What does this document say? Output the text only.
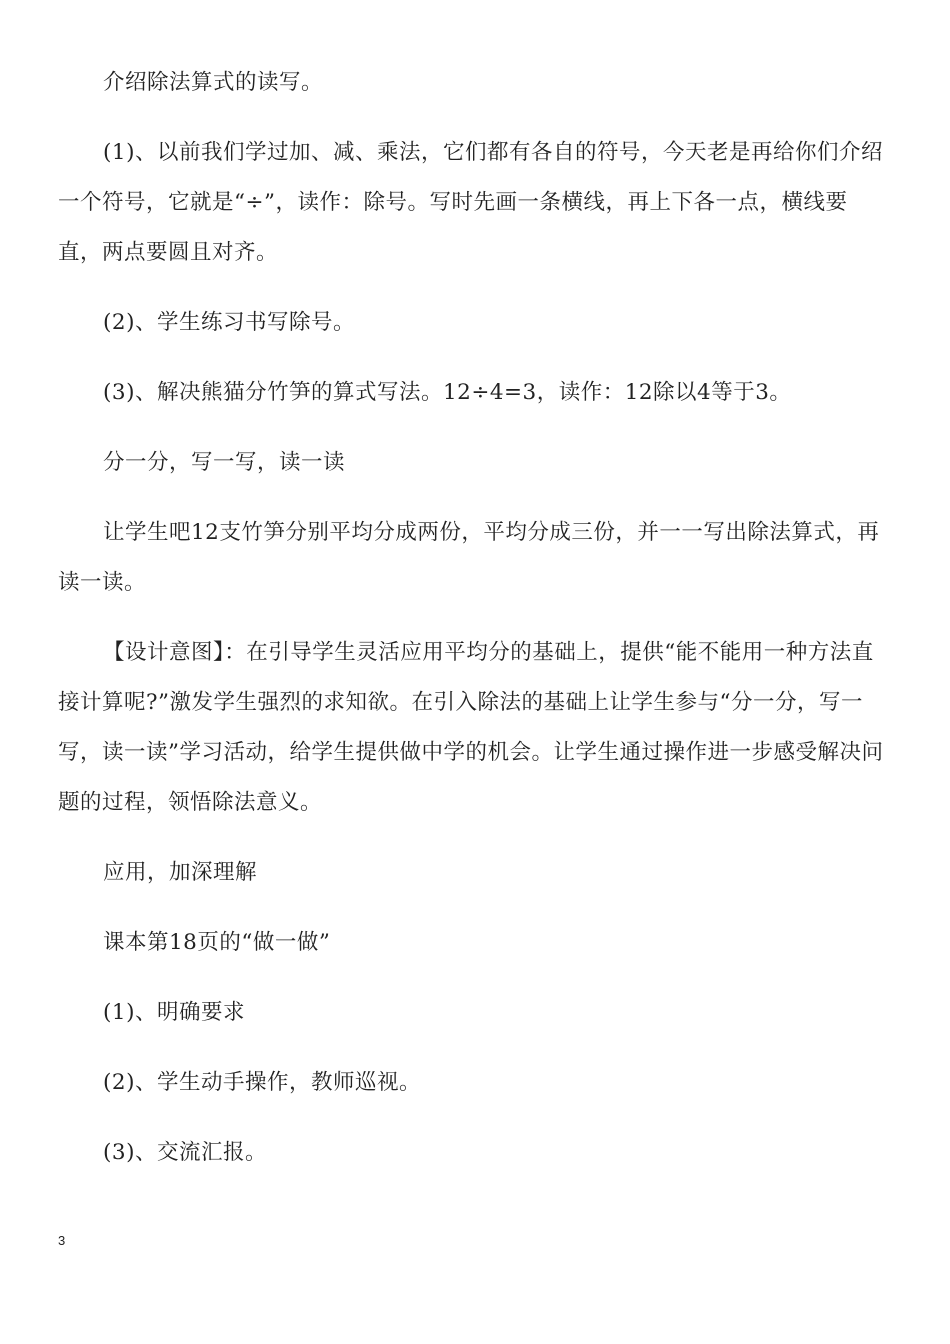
介绍除法算式的读写。

(1)、以前我们学过加、减、乘法，它们都有各自的符号，今天老是再给你们介绍一个符号，它就是“÷”，读作：除号。写时先画一条横线，再上下各一点，横线要直，两点要圆且对齐。

(2)、学生练习书写除号。

(3)、解决熊猫分竹笋的算式写法。12÷4=3，读作：12除以4等于3。

分一分，写一写，读一读

让学生吧12支竹笋分别平均分成两份，平均分成三份，并一一写出除法算式，再读一读。

【设计意图】：在引导学生灵活应用平均分的基础上，提供“能不能用一种方法直接计算呢?”激发学生强烈的求知欲。在引入除法的基础上让学生参与“分一分，写一写，读一读”学习活动，给学生提供做中学的机会。让学生通过操作进一步感受解决问题的过程，领悟除法意义。

应用，加深理解

课本第18页的“做一做”

(1)、明确要求

(2)、学生动手操作，教师巡视。

(3)、交流汇报。

3
